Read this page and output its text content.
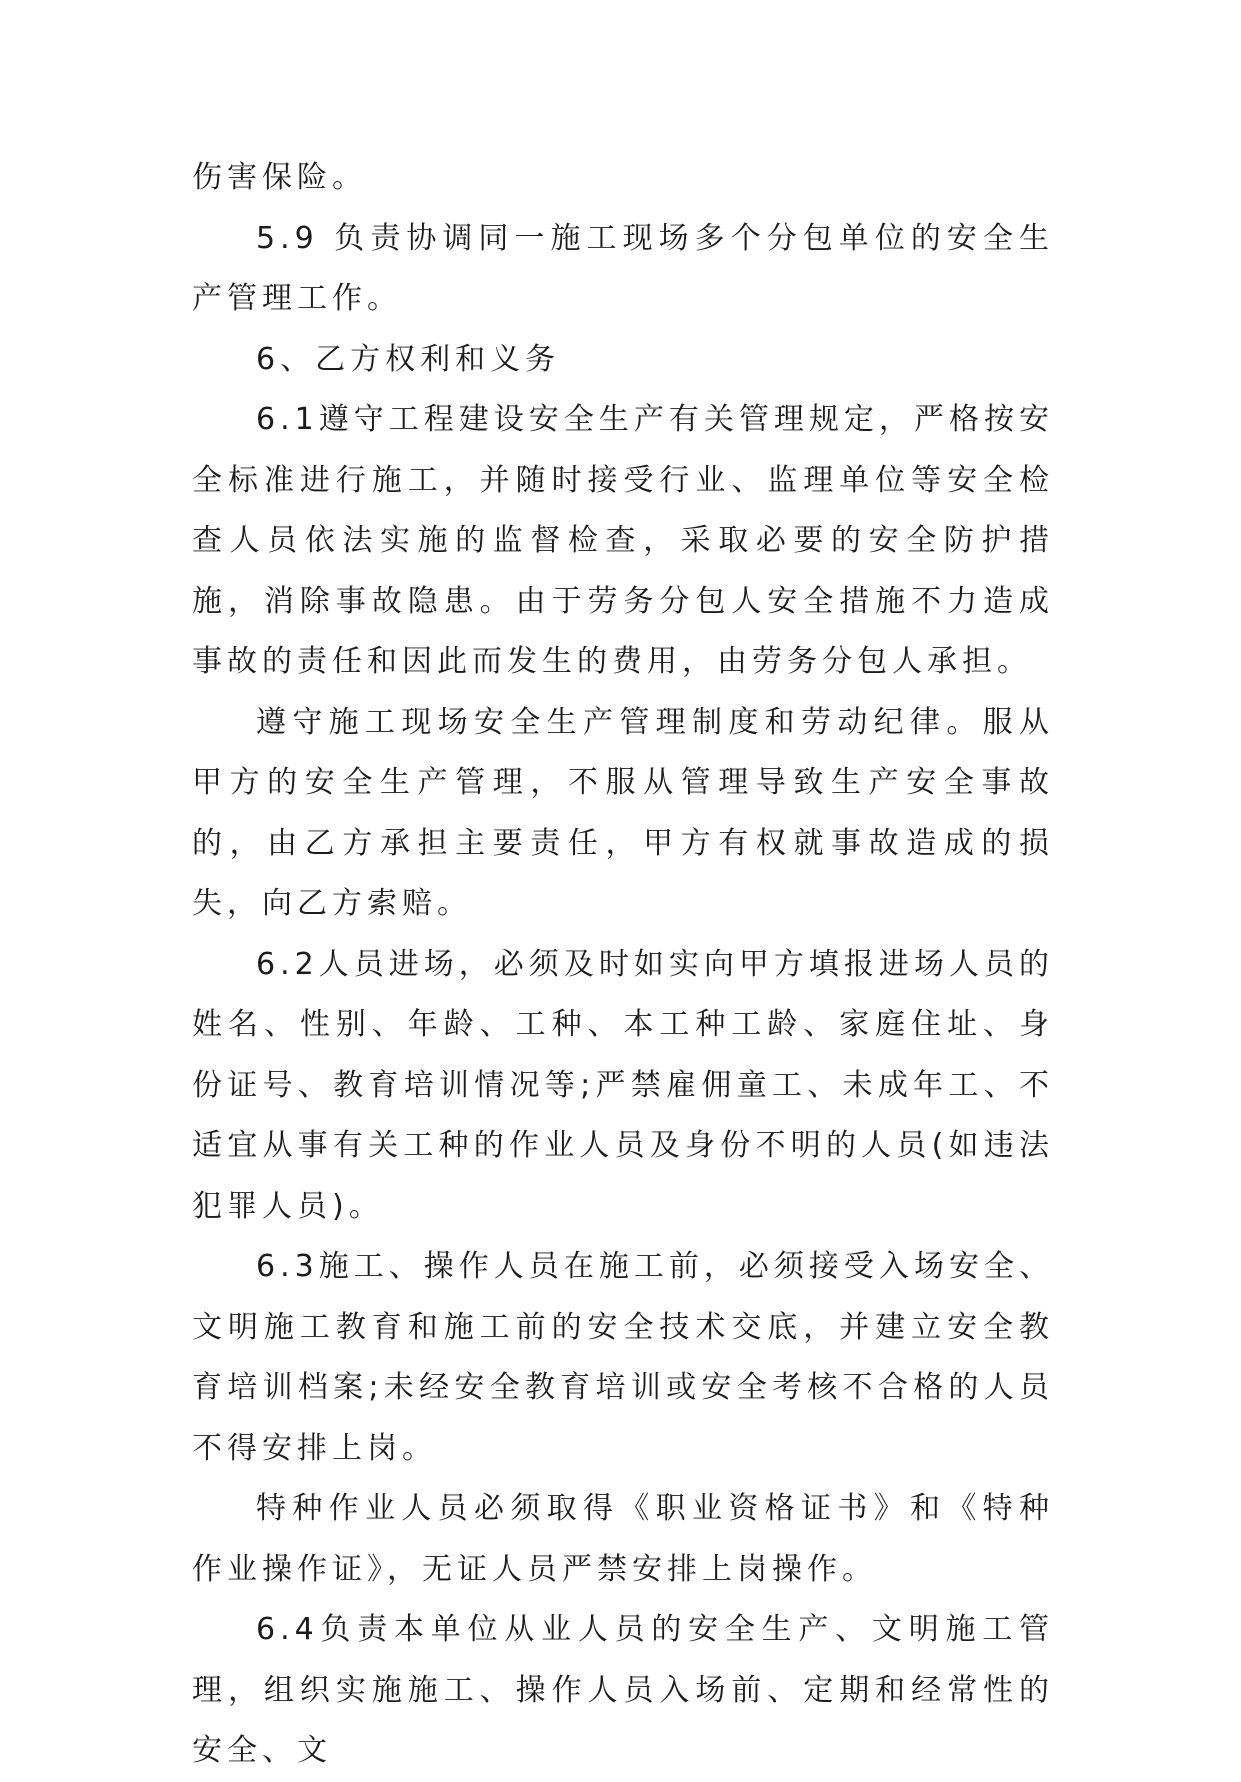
伤害保险。

5.9 负责协调同一施工现场多个分包单位的安全生产管理工作。

6、乙方权利和义务

6.1遵守工程建设安全生产有关管理规定，严格按安全标准进行施工，并随时接受行业、监理单位等安全检查人员依法实施的监督检查，采取必要的安全防护措施，消除事故隐患。由于劳务分包人安全措施不力造成事故的责任和因此而发生的费用，由劳务分包人承担。

遵守施工现场安全生产管理制度和劳动纪律。服从甲方的安全生产管理，不服从管理导致生产安全事故的，由乙方承担主要责任，甲方有权就事故造成的损失，向乙方索赔。

6.2人员进场，必须及时如实向甲方填报进场人员的姓名、性别、年龄、工种、本工种工龄、家庭住址、身份证号、教育培训情况等;严禁雇佣童工、未成年工、不适宜从事有关工种的作业人员及身份不明的人员(如违法犯罪人员)。

6.3施工、操作人员在施工前，必须接受入场安全、文明施工教育和施工前的安全技术交底，并建立安全教育培训档案;未经安全教育培训或安全考核不合格的人员不得安排上岗。

特种作业人员必须取得《职业资格证书》和《特种作业操作证》，无证人员严禁安排上岗操作。

6.4负责本单位从业人员的安全生产、文明施工管理，组织实施施工、操作人员入场前、定期和经常性的安全、文
